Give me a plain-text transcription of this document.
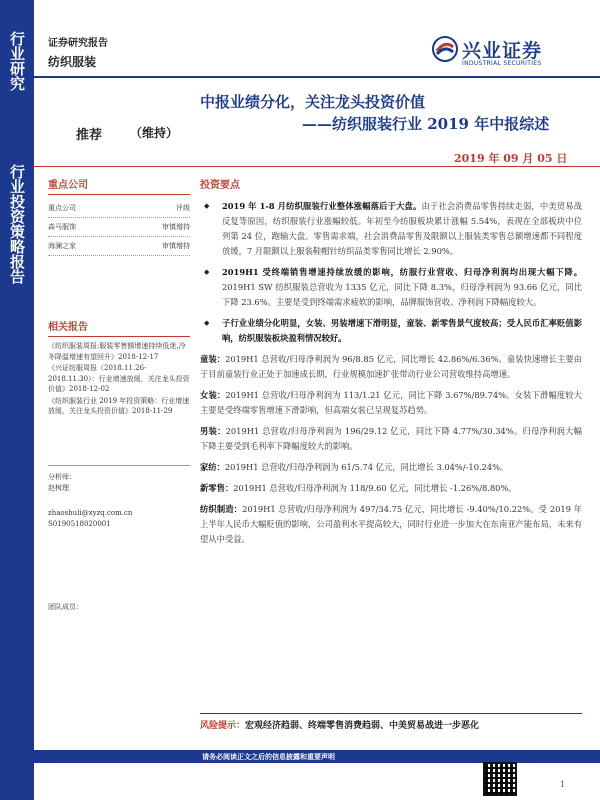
行业研究
行业投资策略报告
证券研究报告
纺织服装	兴业证券
INDUSTRIAL SECURITIES
中报业绩分化，关注龙头投资价值
——纺织服装行业 2019 年中报综述
推荐 （维持）
2019 年 09 月 05 日
重点公司
重点公司	评级
森马服饰	审慎增持
海澜之家	审慎增持
相关报告
《纺织服装周报:服装零售额增速持续低迷,冷冬降温增速有望回升》2018-12-17
《兴证纺服周报（2018.11.26-2018.11.30）：行业增速放缓，关注龙头投资价值》2018-12-02
《纺织服装行业 2019 年投资策略：行业增速放缓，关注龙头投资价值》2018-11-29
分析师：
赵树理
zhaoshuli@xyzq.com.cn
S0190518020001
团队成员：
投资要点
◆ 2019 年 1-8 月纺织服装行业整体涨幅落后于大盘。由于社会消费品零售持续走弱，中美贸易战反复等原因，纺织服装行业涨幅较低。年初至今纺服板块累计涨幅 5.54%，表现在全部板块中位列第 24 位，跑输大盘。零售需求端，社会消费品零售及限额以上服装类零售总额增速都不同程度放缓，7 月限额以上服装鞋帽针纺织品类零售同比增长 2.90%。
◆ 2019H1 受终端销售增速持续放缓的影响，纺服行业营收、归母净利润均出现大幅下降。2019H1 SW 纺织服装总营收为 1335 亿元，同比下降 8.3%，归母净利润为 93.66 亿元，同比下降 23.6%。主要是受到终端需求疲软的影响，品牌服饰营收、净利润下降幅度较大。
◆ 子行业业绩分化明显，女装、男装增速下滑明显，童装、新零售景气度较高；受人民币汇率贬值影响，纺织服装板块盈利情况较好。
童装：2019H1 总营收/归母净利润为 96/8.85 亿元，同比增长 42.86%/6.36%。童装快速增长主要由于目前童装行业正处于加速成长期，行业规模加速扩张带动行业公司营收维持高增速。
女装：2019H1 总营收/归母净利润为 113/1.21 亿元，同比下降 3.67%/89.74%。女装下滑幅度较大主要是受终端零售增速下滑影响，但高端女装已呈现复苏趋势。
男装：2019H1 总营收/归母净利润为 196/29.12 亿元，同比下降 4.77%/30.34%。归母净利润大幅下降主要受到毛利率下降幅度较大的影响。
家纺：2019H1 总营收/归母净利润为 61/5.74 亿元，同比增长 3.04%/-10.24%。
新零售：2019H1 总营收/归母净利润为 118/9.60 亿元，同比增长 -1.26%/8.80%。
纺织制造：2019H1 总营收/归母净利润为 497/34.75 亿元，同比增长 -9.40%/10.22%。受 2019 年上半年人民币大幅贬值的影响，公司盈利水平提高较大，同时行业进一步加大在东南亚产能布局，未来有望从中受益。
风险提示：宏观经济趋弱、终端零售消费趋弱、中美贸易战进一步恶化
请务必阅读正文之后的信息披露和重要声明
1
